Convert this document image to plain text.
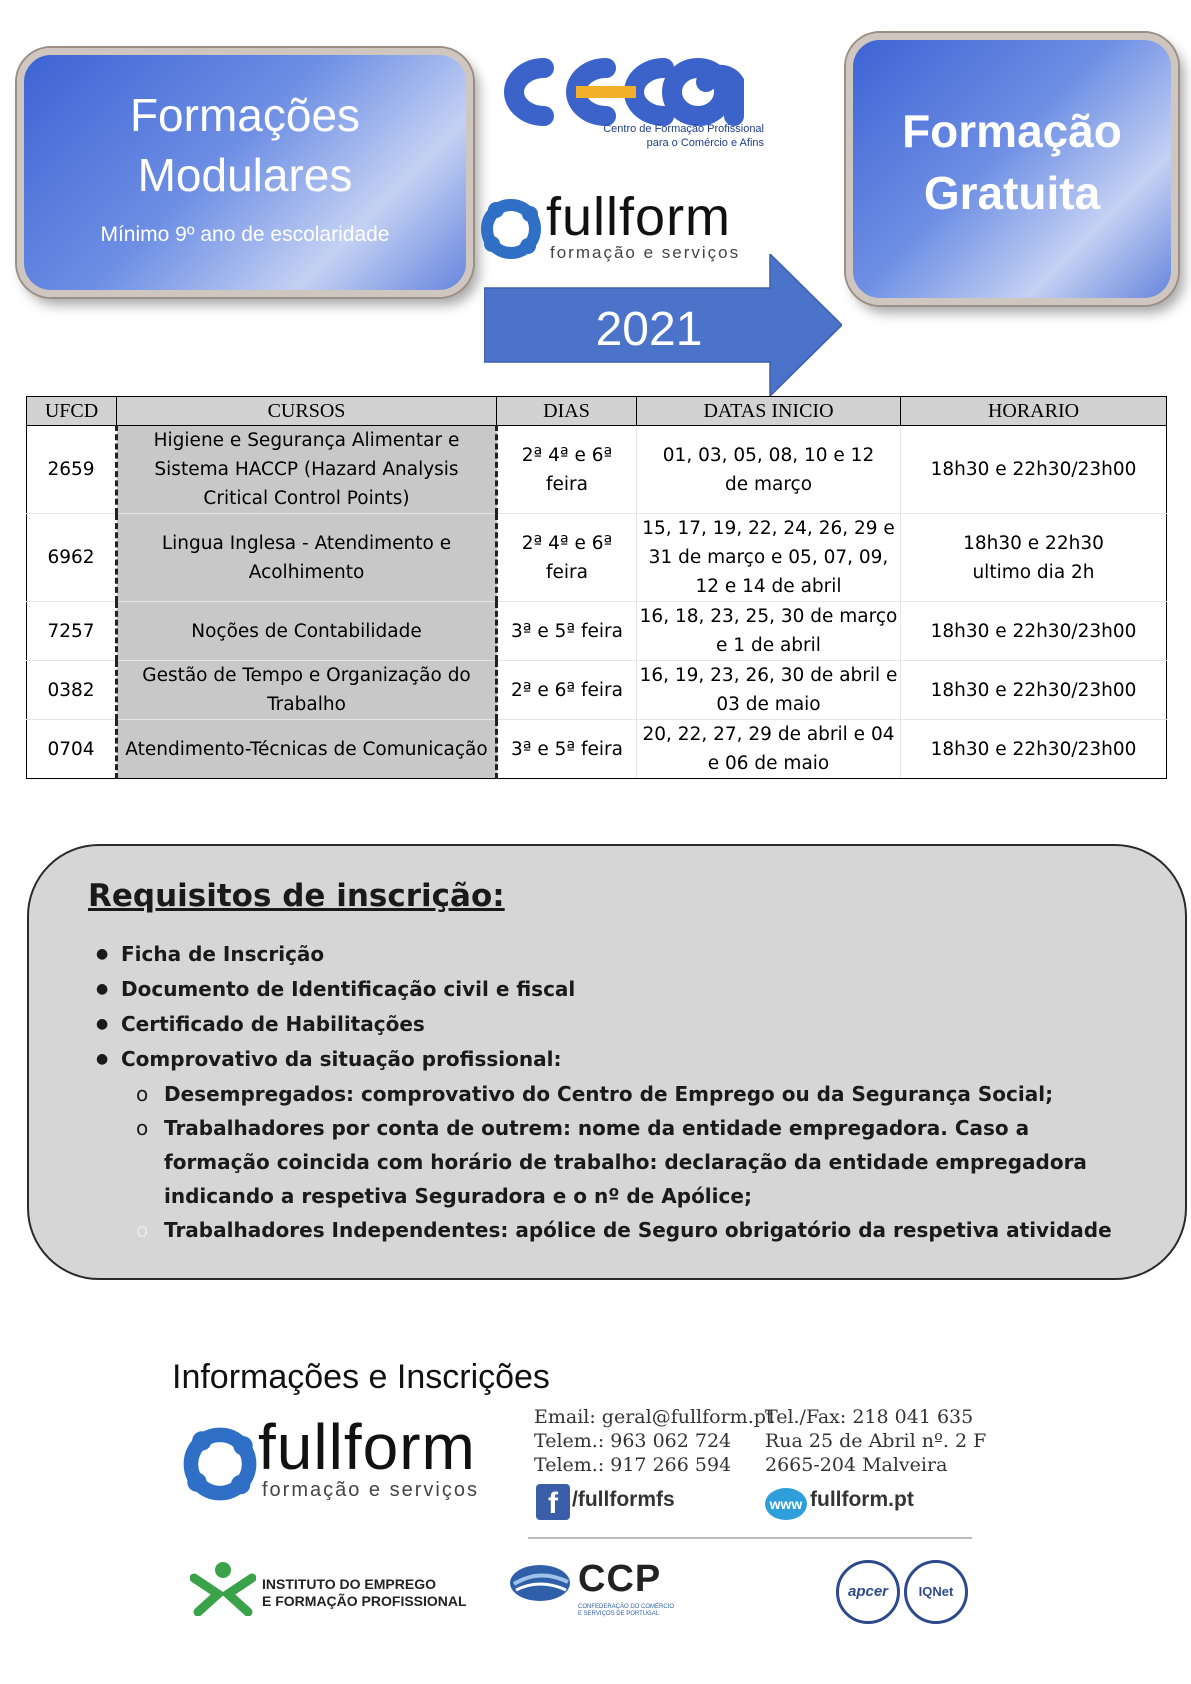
Formações
Modulares
Mínimo 9º ano de escolaridade
Centro de Formação Profissional
para o Comércio e Afins
fullform
formação e serviços
Formação
Gratuita
2021
UFCD	CURSOS	DIAS	DATAS INICIO	HORARIO
2659	Higiene e Segurança Alimentar e Sistema HACCP (Hazard Analysis Critical Control Points)	2ª 4ª e 6ª feira	01, 03, 05, 08, 10 e 12 de março	18h30 e 22h30/23h00
6962	Lingua Inglesa - Atendimento e Acolhimento	2ª 4ª e 6ª feira	15, 17, 19, 22, 24, 26, 29 e 31 de março e 05, 07, 09, 12 e 14 de abril	18h30 e 22h30 ultimo dia 2h
7257	Noções de Contabilidade	3ª e 5ª feira	16, 18, 23, 25, 30 de março e 1 de abril	18h30 e 22h30/23h00
0382	Gestão de Tempo e Organização do Trabalho	2ª e 6ª feira	16, 19, 23, 26, 30 de abril e 03 de maio	18h30 e 22h30/23h00
0704	Atendimento-Técnicas de Comunicação	3ª e 5ª feira	20, 22, 27, 29 de abril e 04 e 06 de maio	18h30 e 22h30/23h00
Requisitos de inscrição:
● Ficha de Inscrição
● Documento de Identificação civil e fiscal
● Certificado de Habilitações
● Comprovativo da situação profissional:
o Desempregados: comprovativo do Centro de Emprego ou da Segurança Social;
o Trabalhadores por conta de outrem: nome da entidade empregadora. Caso a formação coincida com horário de trabalho: declaração da entidade empregadora indicando a respetiva Seguradora e o nº de Apólice;
o Trabalhadores Independentes: apólice de Seguro obrigatório da respetiva atividade
Informações e Inscrições
fullform
formação e serviços
Email: geral@fullform.pt
Telem.: 963 062 724
Telem.: 917 266 594
Tel./Fax: 218 041 635
Rua 25 de Abril nº. 2 F
2665-204 Malveira
f /fullformfs	www fullform.pt
INSTITUTO DO EMPREGO
E FORMAÇÃO PROFISSIONAL
CCP
CONFEDERAÇÃO DO COMÉRCIO E SERVIÇOS DE PORTUGAL
apcer	IQNet
